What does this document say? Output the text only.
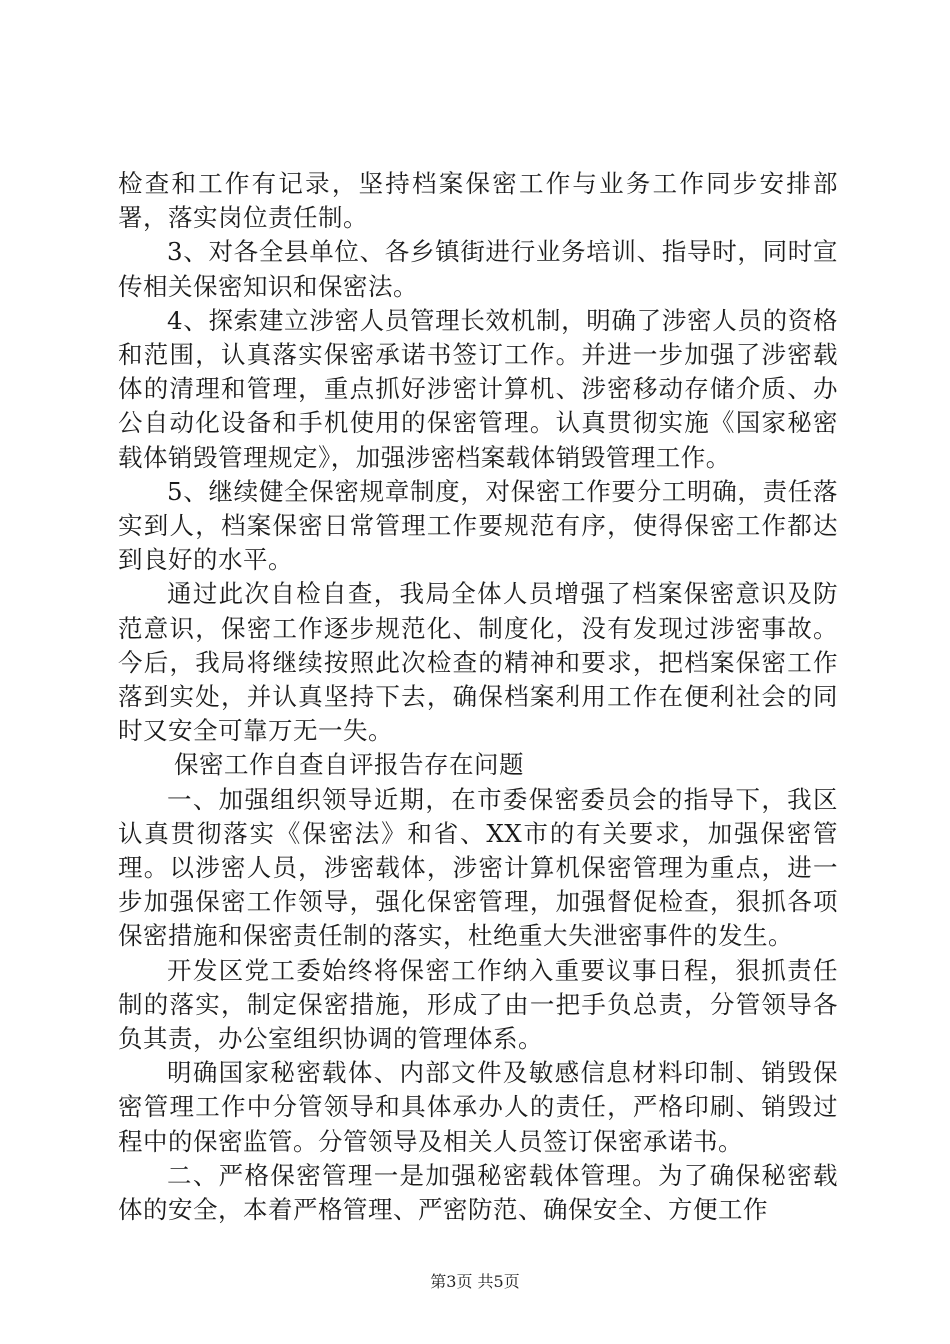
检查和工作有记录，坚持档案保密工作与业务工作同步安排部署，落实岗位责任制。

3、对各全县单位、各乡镇街进行业务培训、指导时，同时宣传相关保密知识和保密法。

4、探索建立涉密人员管理长效机制，明确了涉密人员的资格和范围，认真落实保密承诺书签订工作。并进一步加强了涉密载体的清理和管理，重点抓好涉密计算机、涉密移动存储介质、办公自动化设备和手机使用的保密管理。认真贯彻实施《国家秘密载体销毁管理规定》，加强涉密档案载体销毁管理工作。

5、继续健全保密规章制度，对保密工作要分工明确，责任落实到人，档案保密日常管理工作要规范有序，使得保密工作都达到良好的水平。

通过此次自检自查，我局全体人员增强了档案保密意识及防范意识，保密工作逐步规范化、制度化，没有发现过涉密事故。今后，我局将继续按照此次检查的精神和要求，把档案保密工作落到实处，并认真坚持下去，确保档案利用工作在便利社会的同时又安全可靠万无一失。

保密工作自查自评报告存在问题

一、加强组织领导近期，在市委保密委员会的指导下，我区认真贯彻落实《保密法》和省、XX市的有关要求，加强保密管理。以涉密人员，涉密载体，涉密计算机保密管理为重点，进一步加强保密工作领导，强化保密管理，加强督促检查，狠抓各项保密措施和保密责任制的落实，杜绝重大失泄密事件的发生。

开发区党工委始终将保密工作纳入重要议事日程，狠抓责任制的落实，制定保密措施，形成了由一把手负总责，分管领导各负其责，办公室组织协调的管理体系。

明确国家秘密载体、内部文件及敏感信息材料印制、销毁保密管理工作中分管领导和具体承办人的责任，严格印刷、销毁过程中的保密监管。分管领导及相关人员签订保密承诺书。

二、严格保密管理一是加强秘密载体管理。为了确保秘密载体的安全，本着严格管理、严密防范、确保安全、方便工作

第3页 共5页
